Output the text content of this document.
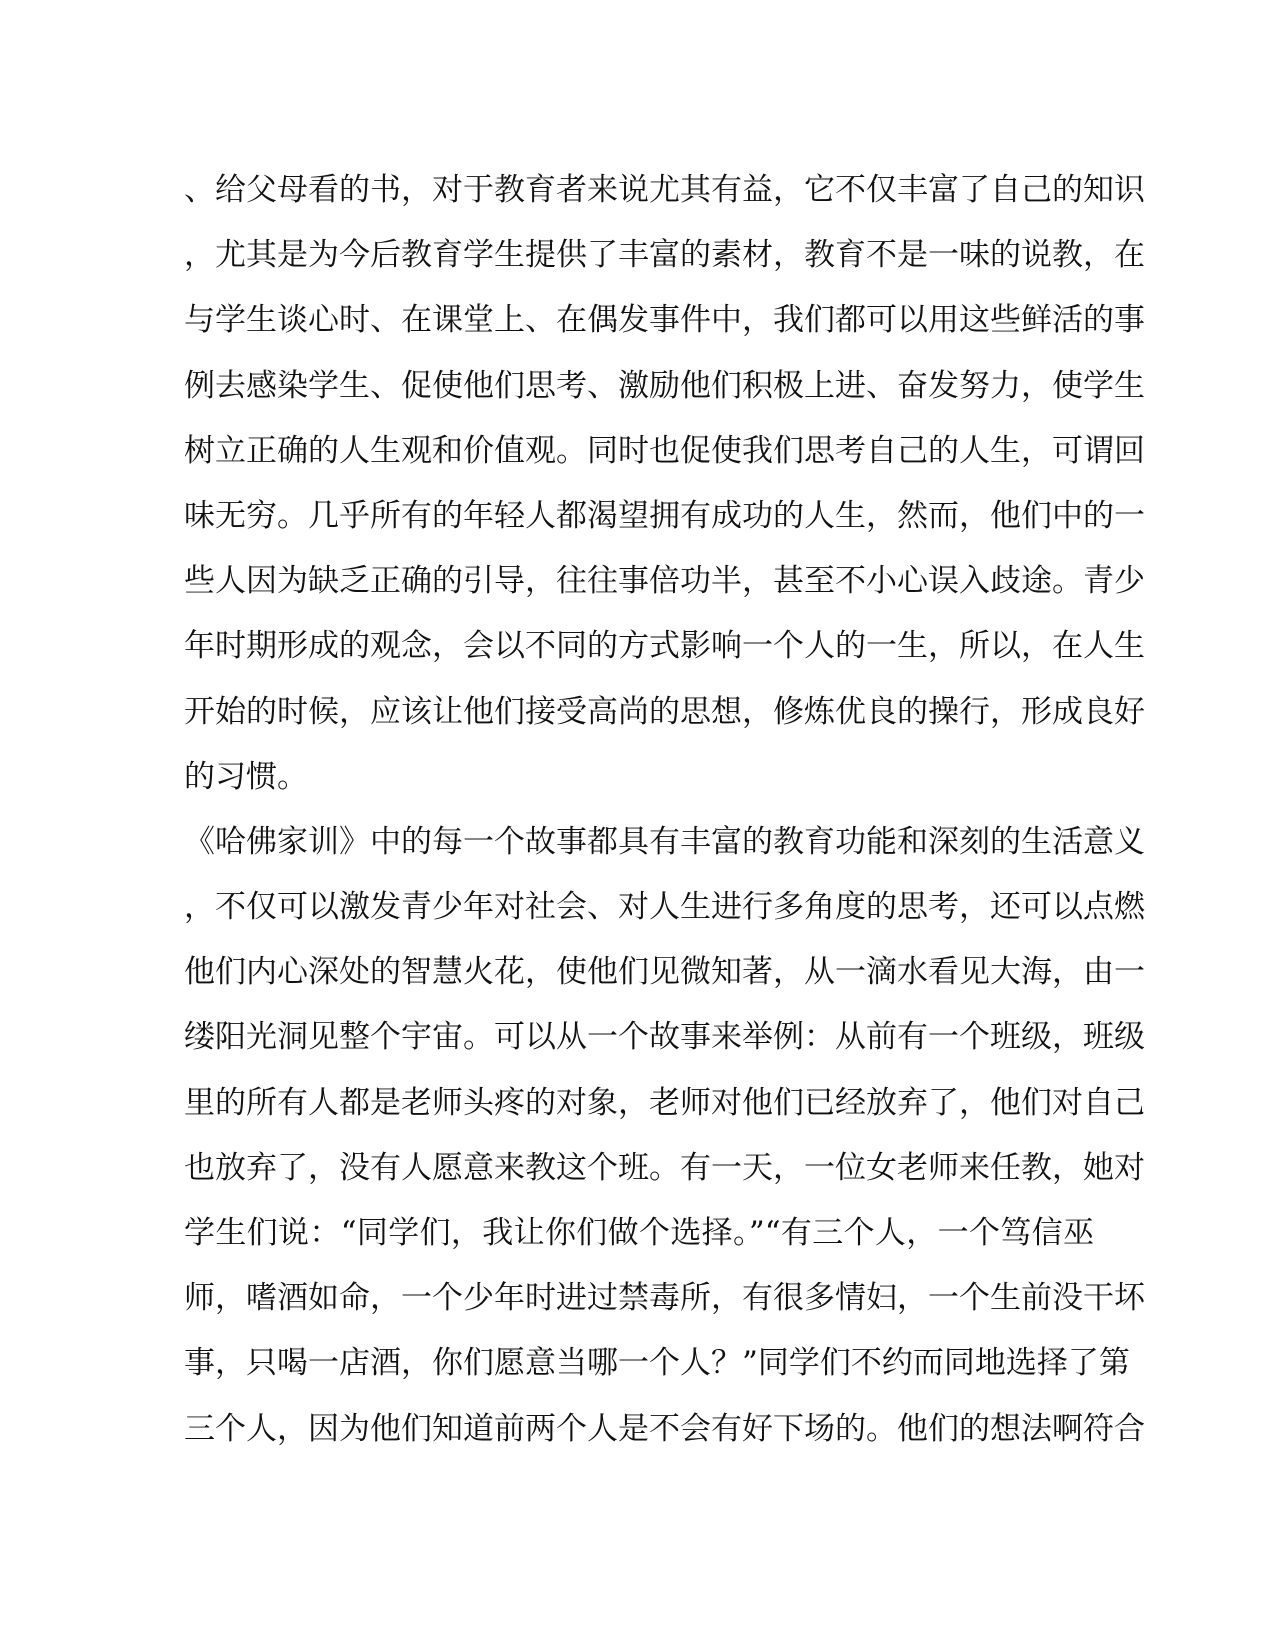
、给父母看的书，对于教育者来说尤其有益，它不仅丰富了自己的知识
，尤其是为今后教育学生提供了丰富的素材，教育不是一味的说教，在
与学生谈心时、在课堂上、在偶发事件中，我们都可以用这些鲜活的事
例去感染学生、促使他们思考、激励他们积极上进、奋发努力，使学生
树立正确的人生观和价值观。同时也促使我们思考自己的人生，可谓回
味无穷。几乎所有的年轻人都渴望拥有成功的人生，然而，他们中的一
些人因为缺乏正确的引导，往往事倍功半，甚至不小心误入歧途。青少
年时期形成的观念，会以不同的方式影响一个人的一生，所以，在人生
开始的时候，应该让他们接受高尚的思想，修炼优良的操行，形成良好
的习惯。
《哈佛家训》中的每一个故事都具有丰富的教育功能和深刻的生活意义
，不仅可以激发青少年对社会、对人生进行多角度的思考，还可以点燃
他们内心深处的智慧火花，使他们见微知著，从一滴水看见大海，由一
缕阳光洞见整个宇宙。可以从一个故事来举例：从前有一个班级，班级
里的所有人都是老师头疼的对象，老师对他们已经放弃了，他们对自己
也放弃了，没有人愿意来教这个班。有一天，一位女老师来任教，她对
学生们说：“同学们，我让你们做个选择。”“有三个人，一个笃信巫
师，嗜酒如命，一个少年时进过禁毒所，有很多情妇，一个生前没干坏
事，只喝一店酒，你们愿意当哪一个人？”同学们不约而同地选择了第
三个人，因为他们知道前两个人是不会有好下场的。他们的想法啊符合
